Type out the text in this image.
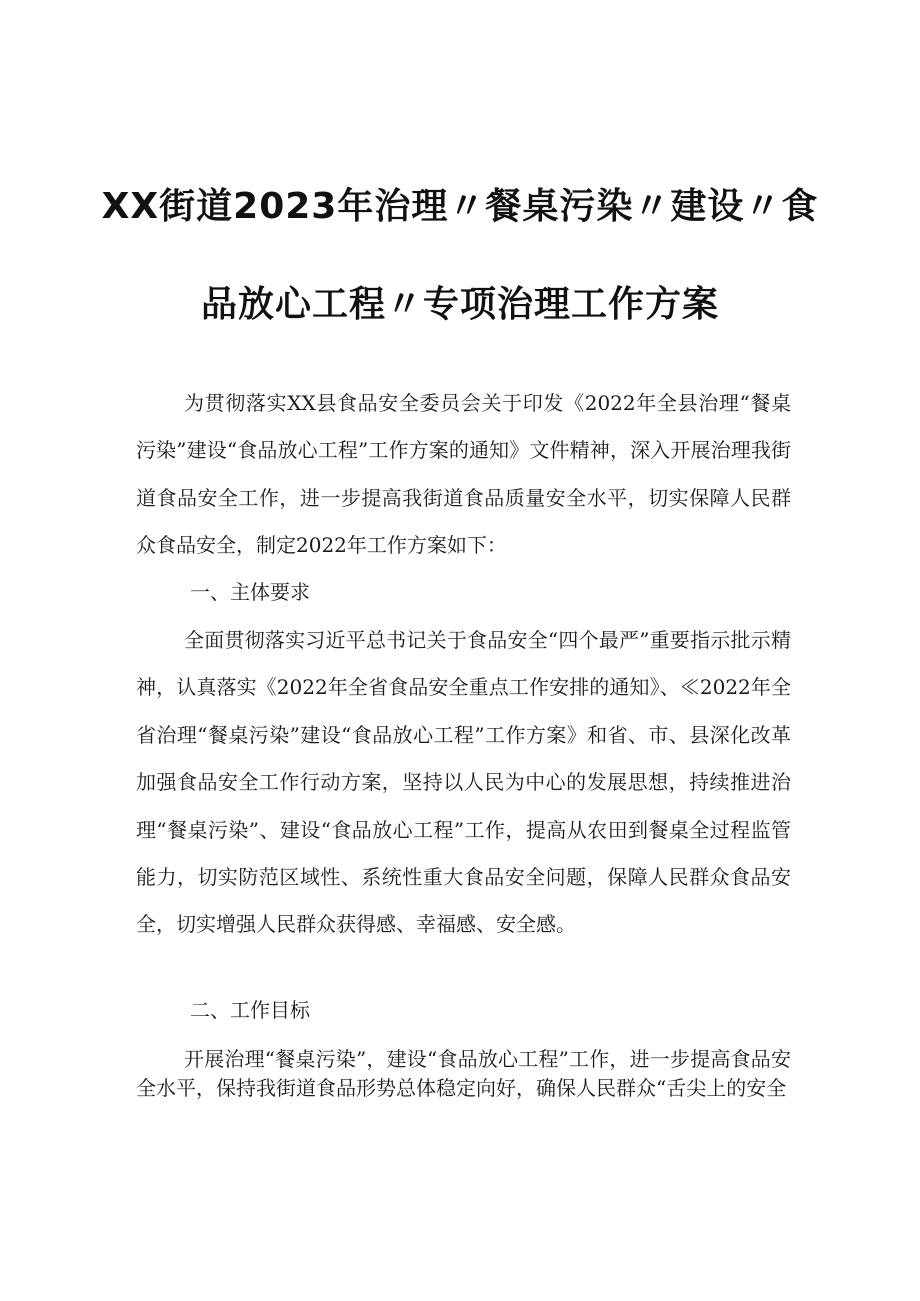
XX街道2023年治理〃餐桌污染〃建设〃食
品放心工程〃专项治理工作方案

为贯彻落实XX县食品安全委员会关于印发《2022年全县治理“餐桌污染”建设“食品放心工程”工作方案的通知》文件精神，深入开展治理我街道食品安全工作，进一步提高我街道食品质量安全水平，切实保障人民群众食品安全，制定2022年工作方案如下：

一、主体要求

全面贯彻落实习近平总书记关于食品安全“四个最严”重要指示批示精神，认真落实《2022年全省食品安全重点工作安排的通知》、≪2022年全省治理“餐桌污染”建设“食品放心工程”工作方案》和省、市、县深化改革加强食品安全工作行动方案，坚持以人民为中心的发展思想，持续推进治理“餐桌污染”、建设“食品放心工程”工作，提高从农田到餐桌全过程监管能力，切实防范区域性、系统性重大食品安全问题，保障人民群众食品安全，切实增强人民群众获得感、幸福感、安全感。

二、工作目标

开展治理“餐桌污染”，建设“食品放心工程”工作，进一步提高食品安全水平，保持我街道食品形势总体稳定向好，确保人民群众“舌尖上的安全
